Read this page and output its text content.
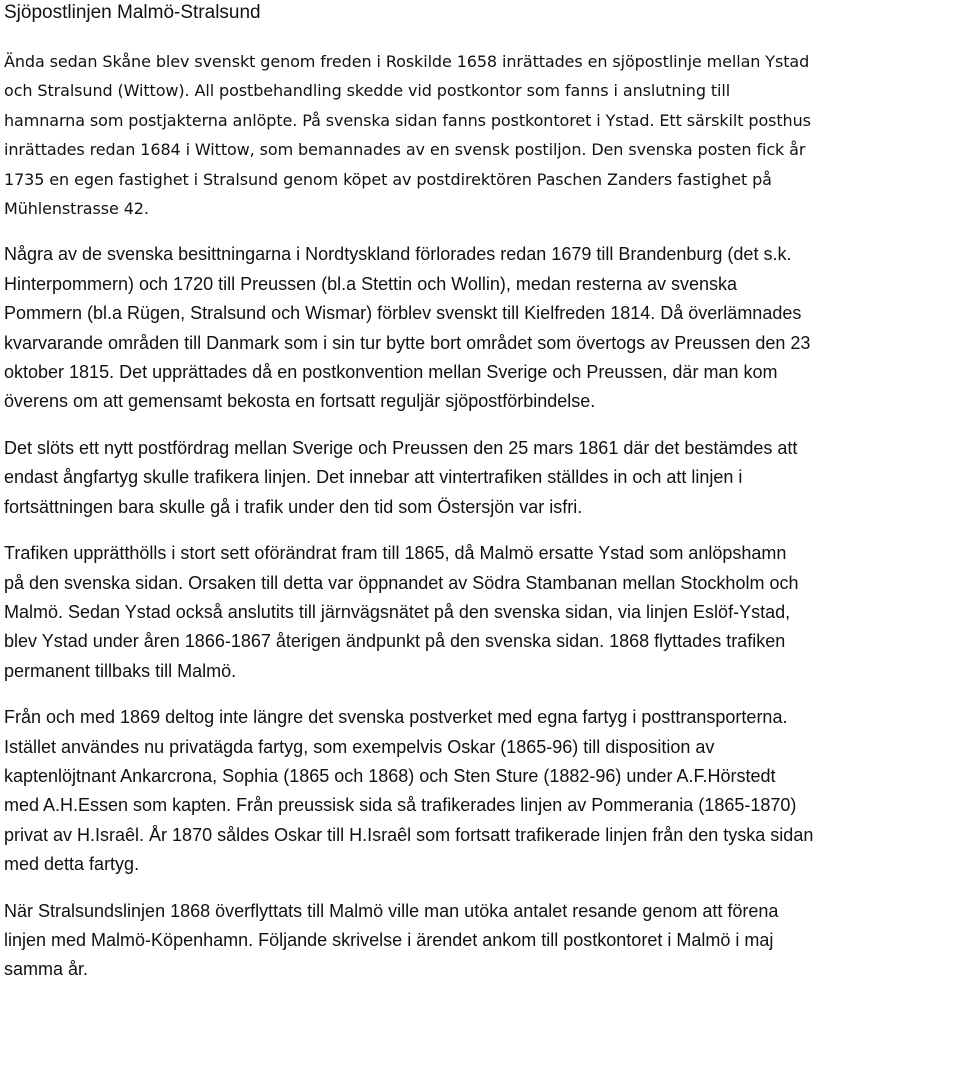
Sjöpostlinjen Malmö-Stralsund
Ända sedan Skåne blev svenskt genom freden i Roskilde 1658 inrättades en sjöpostlinje mellan Ystad
och Stralsund (Wittow). All postbehandling skedde vid postkontor som fanns i anslutning till
hamnarna som postjakterna anlöpte. På svenska sidan fanns postkontoret i Ystad. Ett särskilt posthus
inrättades redan 1684 i Wittow, som bemannades av en svensk postiljon. Den svenska posten fick år
1735 en egen fastighet i Stralsund genom köpet av postdirektören Paschen Zanders fastighet på
Mühlenstrasse 42.
Några av de svenska besittningarna i Nordtyskland förlorades redan 1679 till Brandenburg (det s.k.
Hinterpommern) och 1720 till Preussen (bl.a Stettin och Wollin), medan resterna av svenska
Pommern (bl.a Rügen, Stralsund och Wismar) förblev svenskt till Kielfreden 1814. Då överlämnades
kvarvarande områden till Danmark som i sin tur bytte bort området som övertogs av Preussen den 23
oktober 1815. Det upprättades då en postkonvention mellan Sverige och Preussen, där man kom
överens om att gemensamt bekosta en fortsatt reguljär sjöpostförbindelse.
Det slöts ett nytt postfördrag mellan Sverige och Preussen den 25 mars 1861 där det bestämdes att
endast ångfartyg skulle trafikera linjen. Det innebar att vintertrafiken ställdes in och att linjen i
fortsättningen bara skulle gå i trafik under den tid som Östersjön var isfri.
Trafiken upprätthölls i stort sett oförändrat fram till 1865, då Malmö ersatte Ystad som anlöpshamn
på den svenska sidan. Orsaken till detta var öppnandet av Södra Stambanan mellan Stockholm och
Malmö. Sedan Ystad också anslutits till järnvägsnätet på den svenska sidan, via linjen Eslöf-Ystad,
blev Ystad under åren 1866-1867 återigen ändpunkt på den svenska sidan. 1868 flyttades trafiken
permanent tillbaks till Malmö.
Från och med 1869 deltog inte längre det svenska postverket med egna fartyg i posttransporterna.
Istället användes nu privatägda fartyg, som exempelvis Oskar (1865-96) till disposition av
kaptenlöjtnant Ankarcrona, Sophia (1865 och 1868) och Sten Sture (1882-96) under A.F.Hörstedt
med A.H.Essen som kapten. Från preussisk sida så trafikerades linjen av Pommerania (1865-1870)
privat av H.Israêl. År 1870 såldes Oskar till H.Israêl som fortsatt trafikerade linjen från den tyska sidan
med detta fartyg.
När Stralsundslinjen 1868 överflyttats till Malmö ville man utöka antalet resande genom att förena
linjen med Malmö-Köpenhamn. Följande skrivelse i ärendet ankom till postkontoret i Malmö i maj
samma år.
